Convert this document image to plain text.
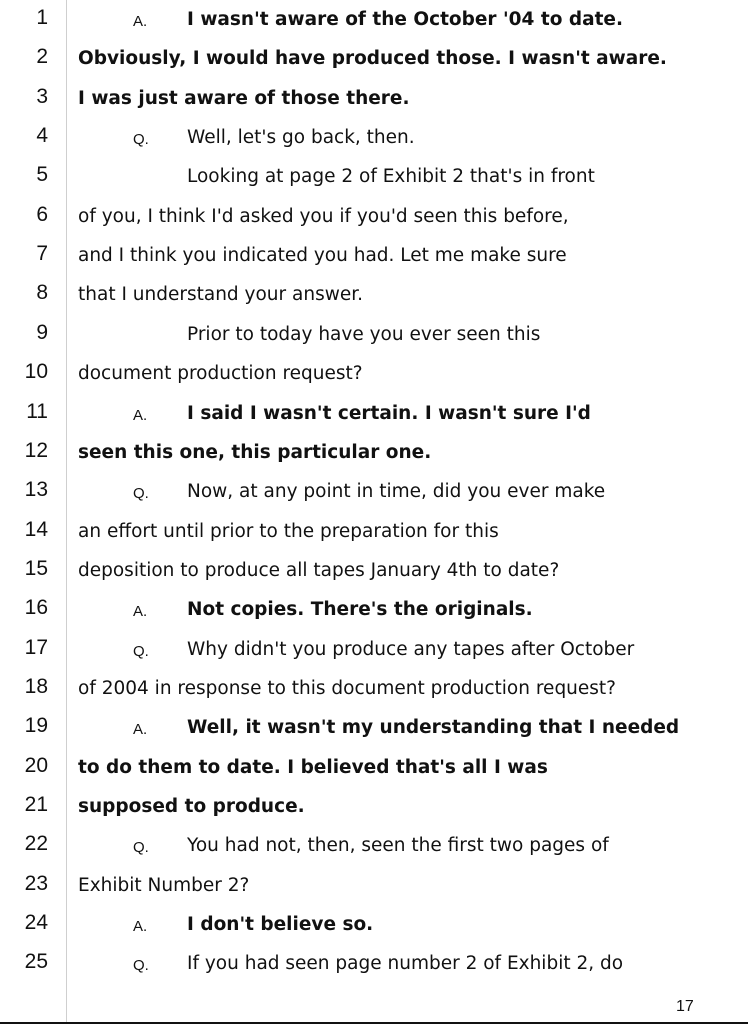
1	A. I wasn't aware of the October '04 to date.
2 Obviously, I would have produced those. I wasn't aware.
3 I was just aware of those there.
4	Q. Well, let's go back, then.
5	Looking at page 2 of Exhibit 2 that's in front
6 of you, I think I'd asked you if you'd seen this before,
7 and I think you indicated you had. Let me make sure
8 that I understand your answer.
9	Prior to today have you ever seen this
10 document production request?
11	A. I said I wasn't certain. I wasn't sure I'd
12 seen this one, this particular one.
13	Q. Now, at any point in time, did you ever make
14 an effort until prior to the preparation for this
15 deposition to produce all tapes January 4th to date?
16	A. Not copies. There's the originals.
17	Q. Why didn't you produce any tapes after October
18 of 2004 in response to this document production request?
19	A. Well, it wasn't my understanding that I needed
20 to do them to date. I believed that's all I was
21 supposed to produce.
22	Q. You had not, then, seen the first two pages of
23 Exhibit Number 2?
24	A. I don't believe so.
25	Q. If you had seen page number 2 of Exhibit 2, do
17
